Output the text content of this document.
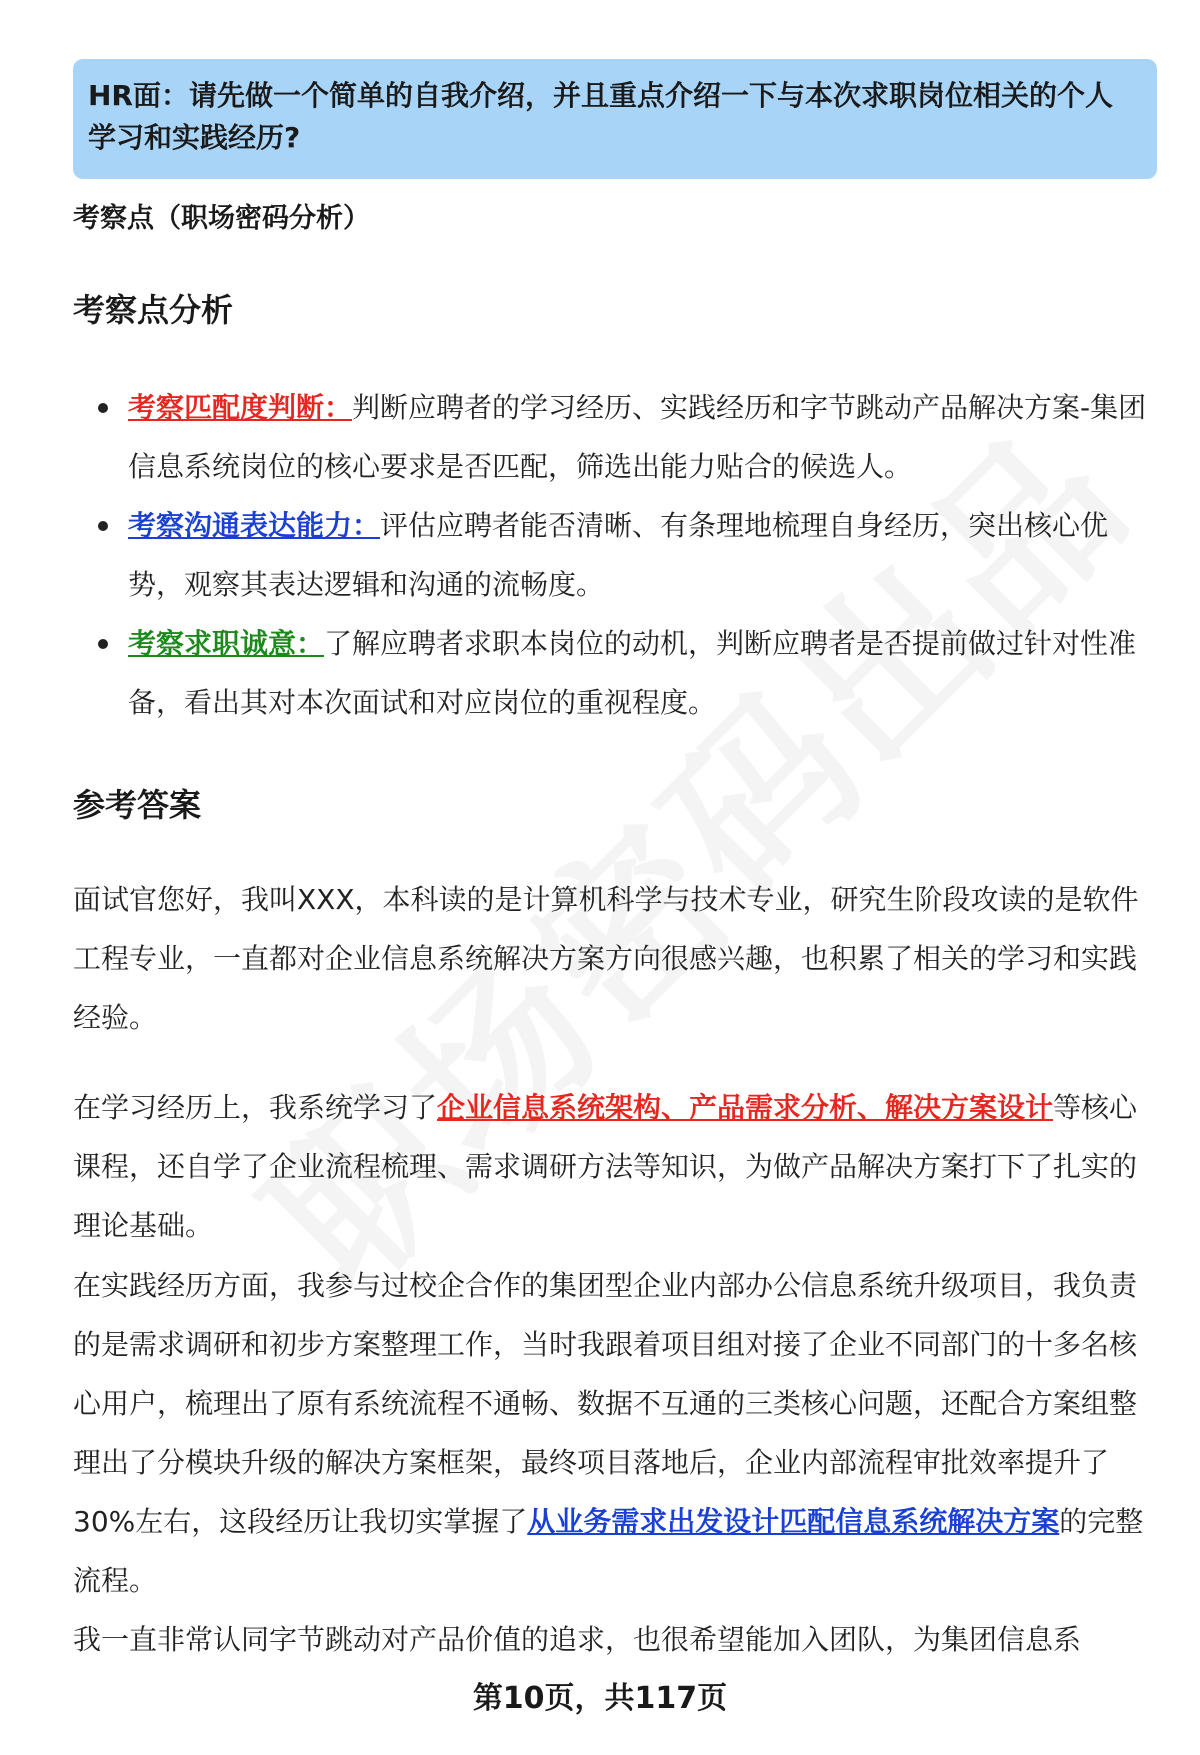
HR面：请先做一个简单的自我介绍，并且重点介绍一下与本次求职岗位相关的个人学习和实践经历?
考察点（职场密码分析）
考察点分析
考察匹配度判断：判断应聘者的学习经历、实践经历和字节跳动产品解决方案-集团信息系统岗位的核心要求是否匹配，筛选出能力贴合的候选人。
考察沟通表达能力：评估应聘者能否清晰、有条理地梳理自身经历，突出核心优势，观察其表达逻辑和沟通的流畅度。
考察求职诚意：了解应聘者求职本岗位的动机，判断应聘者是否提前做过针对性准备，看出其对本次面试和对应岗位的重视程度。
参考答案

面试官您好，我叫XXX，本科读的是计算机科学与技术专业，研究生阶段攻读的是软件工程专业，一直都对企业信息系统解决方案方向很感兴趣，也积累了相关的学习和实践经验。

在学习经历上，我系统学习了企业信息系统架构、产品需求分析、解决方案设计等核心课程，还自学了企业流程梳理、需求调研方法等知识，为做产品解决方案打下了扎实的理论基础。

在实践经历方面，我参与过校企合作的集团型企业内部办公信息系统升级项目，我负责的是需求调研和初步方案整理工作，当时我跟着项目组对接了企业不同部门的十多名核心用户，梳理出了原有系统流程不通畅、数据不互通的三类核心问题，还配合方案组整理出了分模块升级的解决方案框架，最终项目落地后，企业内部流程审批效率提升了30%左右，这段经历让我切实掌握了从业务需求出发设计匹配信息系统解决方案的完整流程。

我一直非常认同字节跳动对产品价值的追求，也很希望能加入团队，为集团信息系

第10页，共117页
